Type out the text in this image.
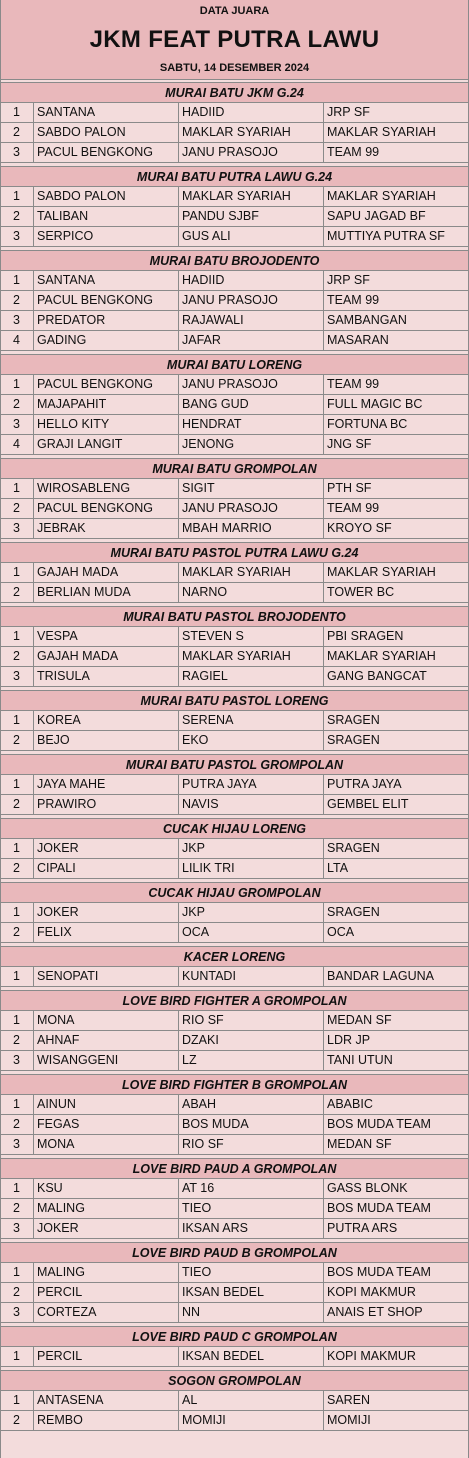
DATA JUARA
JKM FEAT PUTRA LAWU
SABTU, 14 DESEMBER 2024
MURAI BATU JKM G.24
1	SANTANA	HADIID	JRP SF
2	SABDO PALON	MAKLAR SYARIAH	MAKLAR SYARIAH
3	PACUL BENGKONG	JANU PRASOJO	TEAM 99
MURAI BATU PUTRA LAWU G.24
1	SABDO PALON	MAKLAR SYARIAH	MAKLAR SYARIAH
2	TALIBAN	PANDU SJBF	SAPU JAGAD BF
3	SERPICO	GUS ALI	MUTTIYA PUTRA SF
MURAI BATU BROJODENTO
1	SANTANA	HADIID	JRP SF
2	PACUL BENGKONG	JANU PRASOJO	TEAM 99
3	PREDATOR	RAJAWALI	SAMBANGAN
4	GADING	JAFAR	MASARAN
MURAI BATU LORENG
1	PACUL BENGKONG	JANU PRASOJO	TEAM 99
2	MAJAPAHIT	BANG GUD	FULL MAGIC BC
3	HELLO KITY	HENDRAT	FORTUNA BC
4	GRAJI LANGIT	JENONG	JNG SF
MURAI BATU GROMPOLAN
1	WIROSABLENG	SIGIT	PTH SF
2	PACUL BENGKONG	JANU PRASOJO	TEAM 99
3	JEBRAK	MBAH MARRIO	KROYO SF
MURAI BATU PASTOL PUTRA LAWU G.24
1	GAJAH MADA	MAKLAR SYARIAH	MAKLAR SYARIAH
2	BERLIAN MUDA	NARNO	TOWER BC
MURAI BATU PASTOL BROJODENTO
1	VESPA	STEVEN S	PBI SRAGEN
2	GAJAH MADA	MAKLAR SYARIAH	MAKLAR SYARIAH
3	TRISULA	RAGIEL	GANG BANGCAT
MURAI BATU PASTOL LORENG
1	KOREA	SERENA	SRAGEN
2	BEJO	EKO	SRAGEN
MURAI BATU PASTOL GROMPOLAN
1	JAYA MAHE	PUTRA JAYA	PUTRA JAYA
2	PRAWIRO	NAVIS	GEMBEL ELIT
CUCAK HIJAU LORENG
1	JOKER	JKP	SRAGEN
2	CIPALI	LILIK TRI	LTA
CUCAK HIJAU GROMPOLAN
1	JOKER	JKP	SRAGEN
2	FELIX	OCA	OCA
KACER LORENG
1	SENOPATI	KUNTADI	BANDAR LAGUNA
LOVE BIRD FIGHTER A GROMPOLAN
1	MONA	RIO SF	MEDAN SF
2	AHNAF	DZAKI	LDR JP
3	WISANGGENI	LZ	TANI UTUN
LOVE BIRD FIGHTER B GROMPOLAN
1	AINUN	ABAH	ABABIC
2	FEGAS	BOS MUDA	BOS MUDA TEAM
3	MONA	RIO SF	MEDAN SF
LOVE BIRD PAUD A GROMPOLAN
1	KSU	AT 16	GASS BLONK
2	MALING	TIEO	BOS MUDA TEAM
3	JOKER	IKSAN ARS	PUTRA ARS
LOVE BIRD PAUD B GROMPOLAN
1	MALING	TIEO	BOS MUDA TEAM
2	PERCIL	IKSAN BEDEL	KOPI MAKMUR
3	CORTEZA	NN	ANAIS ET SHOP
LOVE BIRD PAUD C GROMPOLAN
1	PERCIL	IKSAN BEDEL	KOPI MAKMUR
SOGON GROMPOLAN
1	ANTASENA	AL	SAREN
2	REMBO	MOMIJI	MOMIJI
